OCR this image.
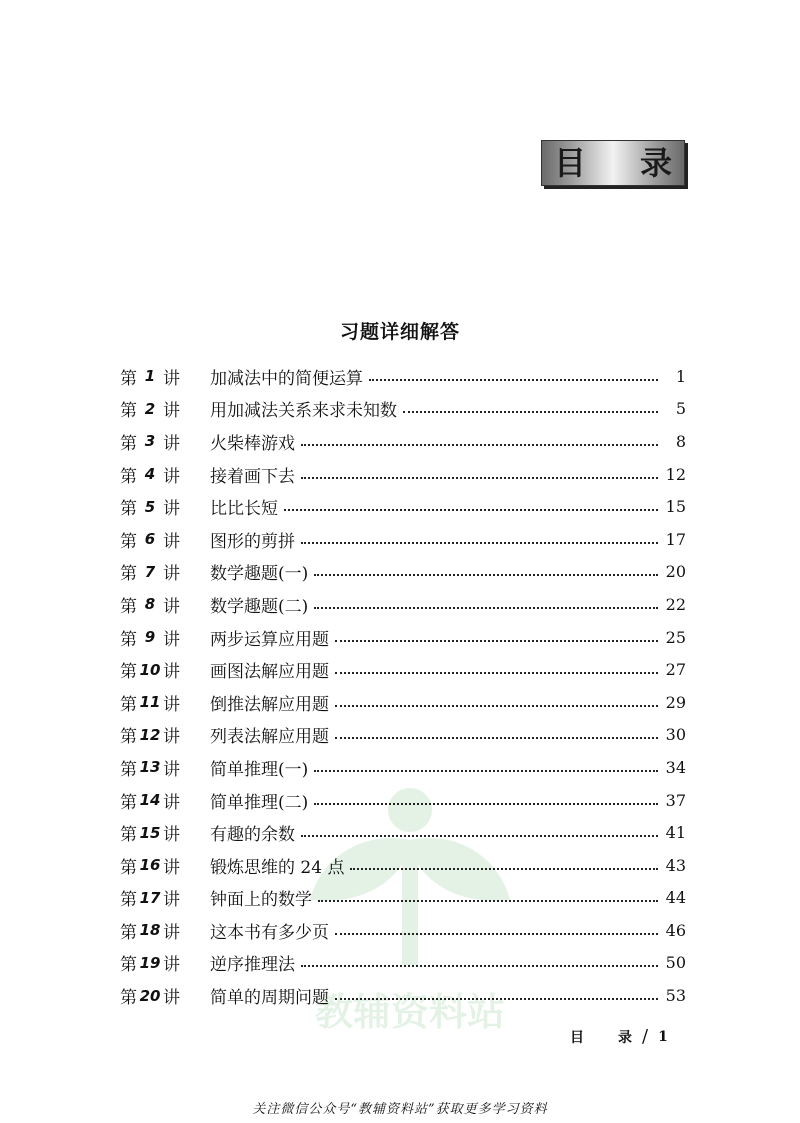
目 录
习题详细解答
教辅资料站
第 1 讲 加减法中的简便运算	1
第 2 讲 用加减法关系来求未知数	5
第 3 讲 火柴棒游戏	8
第 4 讲 接着画下去	12
第 5 讲 比比长短	15
第 6 讲 图形的剪拼	17
第 7 讲 数学趣题(一)	20
第 8 讲 数学趣题(二)	22
第 9 讲 两步运算应用题	25
第 10 讲 画图法解应用题	27
第 11 讲 倒推法解应用题	29
第 12 讲 列表法解应用题	30
第 13 讲 简单推理(一)	34
第 14 讲 简单推理(二)	37
第 15 讲 有趣的余数	41
第 16 讲 锻炼思维的 24 点	43
第 17 讲 钟面上的数学	44
第 18 讲 这本书有多少页	46
第 19 讲 逆序推理法	50
第 20 讲 简单的周期问题	53
目 录 / 1
关注微信公众号“教辅资料站”获取更多学习资料
